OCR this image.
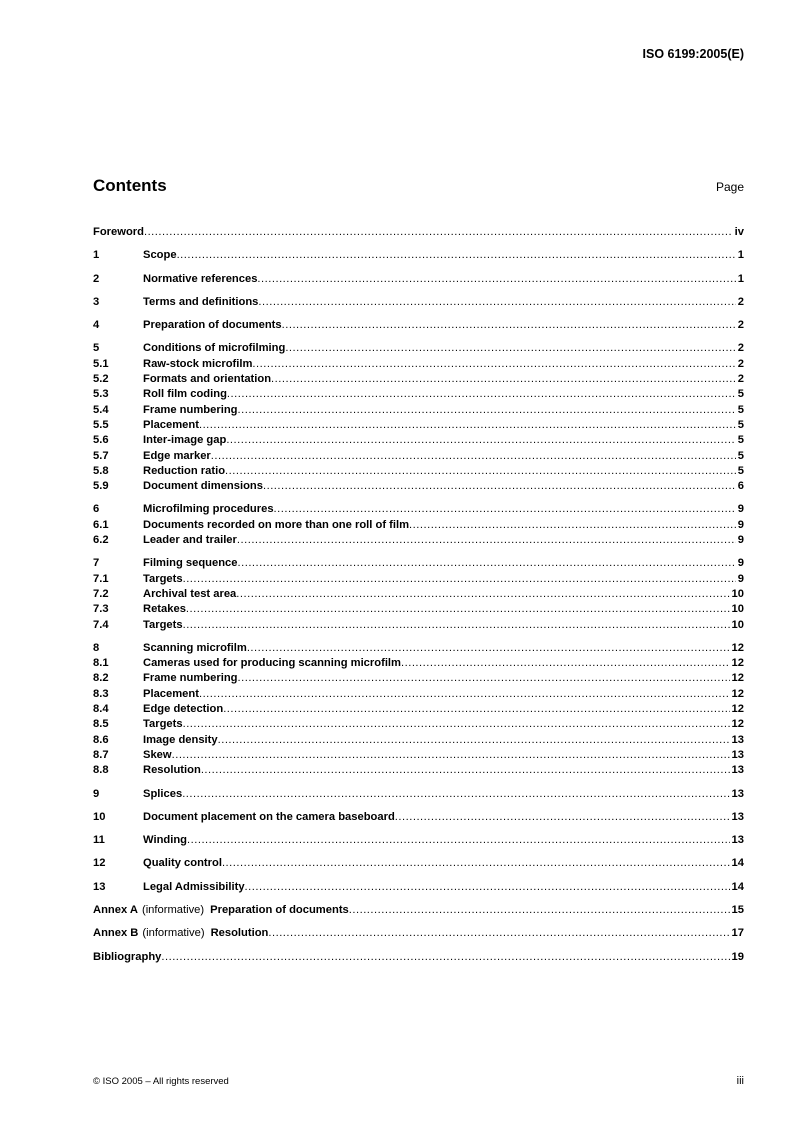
ISO 6199:2005(E)
Contents	Page
Foreword .....	iv
1	Scope .....	1
2	Normative references .....	1
3	Terms and definitions .....	2
4	Preparation of documents .....	2
5	Conditions of microfilming .....	2
5.1	Raw-stock microfilm .....	2
5.2	Formats and orientation .....	2
5.3	Roll film coding .....	5
5.4	Frame numbering .....	5
5.5	Placement .....	5
5.6	Inter-image gap .....	5
5.7	Edge marker .....	5
5.8	Reduction ratio .....	5
5.9	Document dimensions .....	6
6	Microfilming procedures .....	9
6.1	Documents recorded on more than one roll of film .....	9
6.2	Leader and trailer .....	9
7	Filming sequence .....	9
7.1	Targets .....	9
7.2	Archival test area .....	10
7.3	Retakes .....	10
7.4	Targets .....	10
8	Scanning microfilm .....	12
8.1	Cameras used for producing scanning microfilm .....	12
8.2	Frame numbering .....	12
8.3	Placement .....	12
8.4	Edge detection .....	12
8.5	Targets .....	12
8.6	Image density .....	13
8.7	Skew .....	13
8.8	Resolution .....	13
9	Splices .....	13
10	Document placement on the camera baseboard .....	13
11	Winding .....	13
12	Quality control .....	14
13	Legal Admissibility .....	14
Annex A (informative) Preparation of documents .....	15
Annex B (informative) Resolution .....	17
Bibliography .....	19
© ISO 2005 – All rights reserved	iii
